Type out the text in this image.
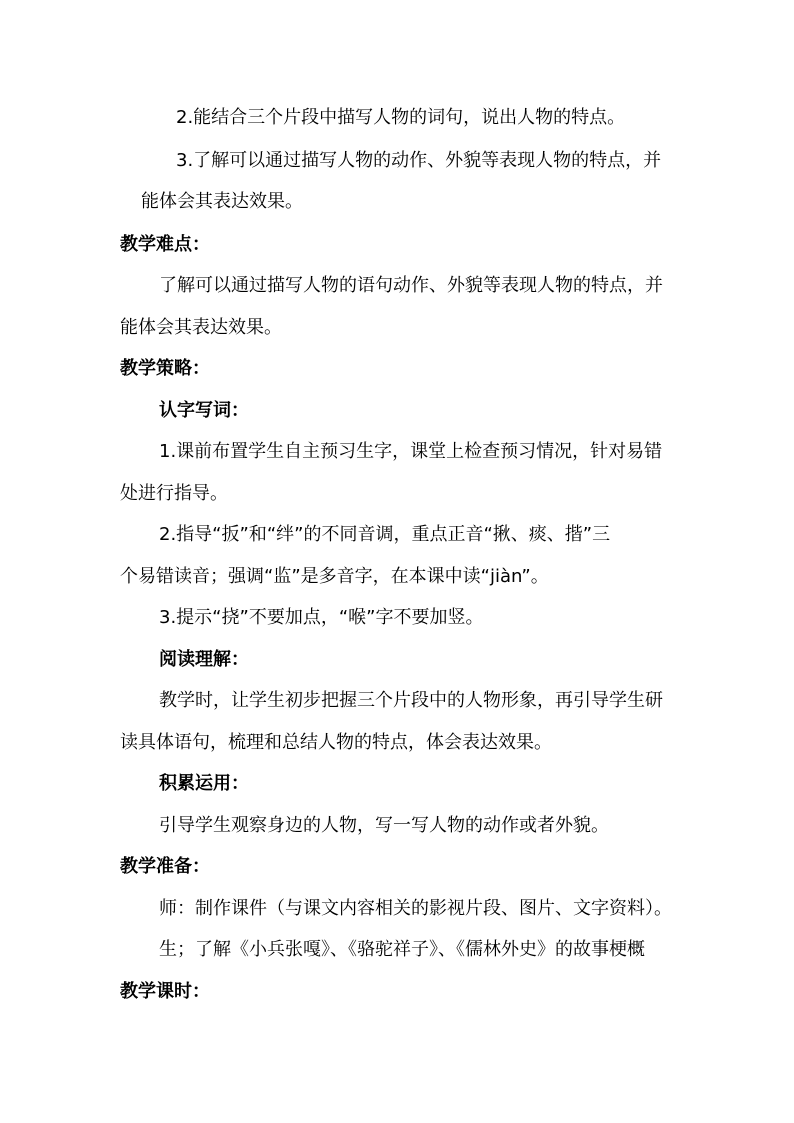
2.能结合三个片段中描写人物的词句，说出人物的特点。
3.了解可以通过描写人物的动作、外貌等表现人物的特点，并
能体会其表达效果。
教学难点：
了解可以通过描写人物的语句动作、外貌等表现人物的特点，并
能体会其表达效果。
教学策略：
认字写词：
1.课前布置学生自主预习生字，课堂上检查预习情况，针对易错
处进行指导。
2.指导“扳”和“绊”的不同音调，重点正音“揪、痰、揩”三
个易错读音；强调“监”是多音字，在本课中读“jiàn”。
3.提示“挠”不要加点，“喉”字不要加竖。
阅读理解：
教学时，让学生初步把握三个片段中的人物形象，再引导学生研
读具体语句，梳理和总结人物的特点，体会表达效果。
积累运用：
引导学生观察身边的人物，写一写人物的动作或者外貌。
教学准备：
师：制作课件（与课文内容相关的影视片段、图片、文字资料）。
生；了解《小兵张嘎》、《骆驼祥子》、《儒林外史》的故事梗概
教学课时：
